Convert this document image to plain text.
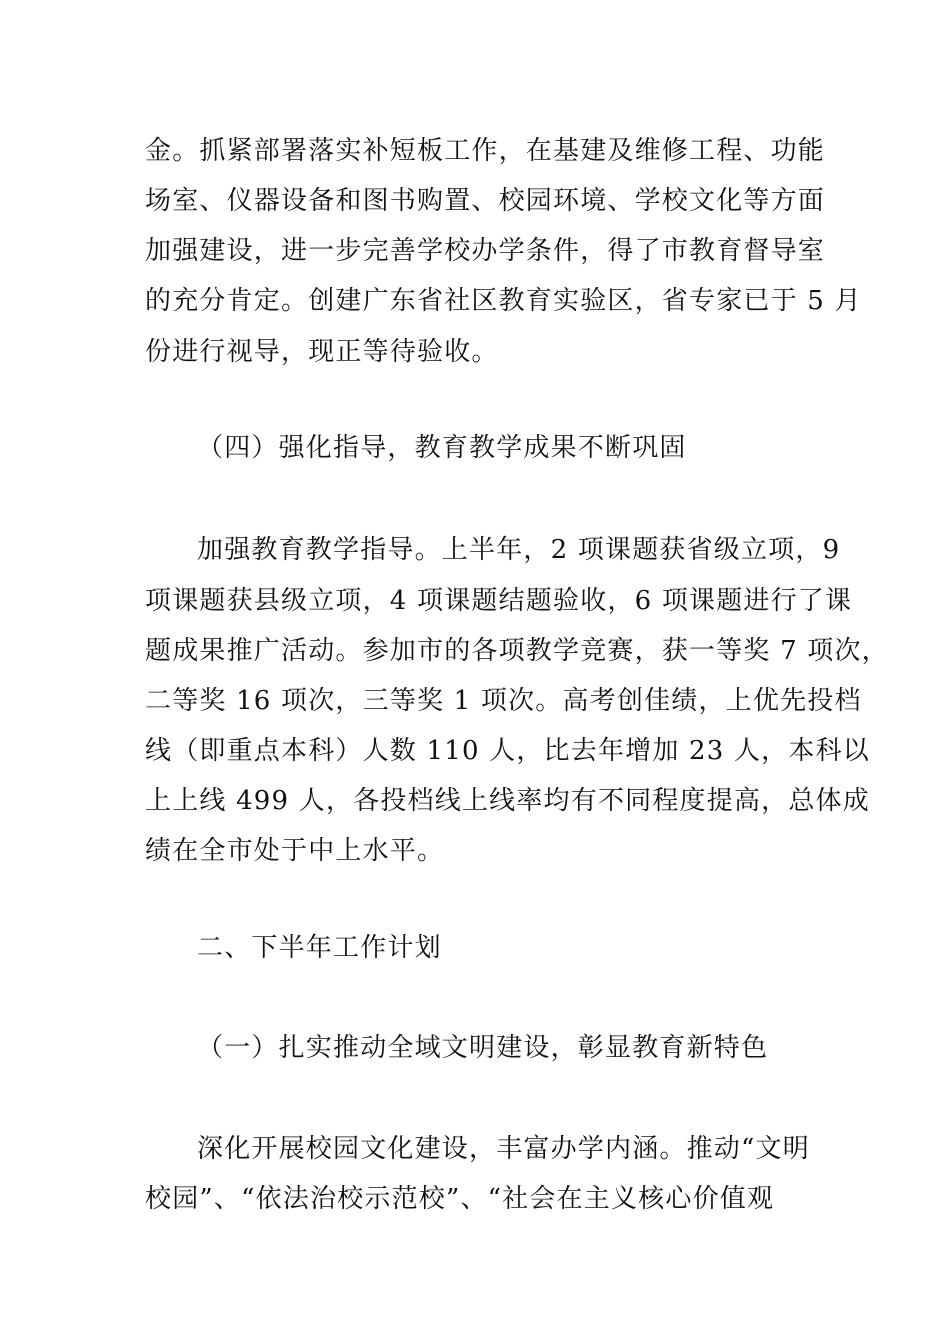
金。抓紧部署落实补短板工作，在基建及维修工程、功能
场室、仪器设备和图书购置、校园环境、学校文化等方面
加强建设，进一步完善学校办学条件，得了市教育督导室
的充分肯定。创建广东省社区教育实验区，省专家已于 5 月
份进行视导，现正等待验收。
（四）强化指导，教育教学成果不断巩固
加强教育教学指导。上半年，2 项课题获省级立项，9
项课题获县级立项，4 项课题结题验收，6 项课题进行了课
题成果推广活动。参加市的各项教学竞赛，获一等奖 7 项次，
二等奖 16 项次，三等奖 1 项次。高考创佳绩，上优先投档
线（即重点本科）人数 110 人，比去年增加 23 人，本科以
上上线 499 人，各投档线上线率均有不同程度提高，总体成
绩在全市处于中上水平。
二、下半年工作计划
（一）扎实推动全域文明建设，彰显教育新特色
深化开展校园文化建设，丰富办学内涵。推动“文明
校园”、“依法治校示范校”、“社会在主义核心价值观
